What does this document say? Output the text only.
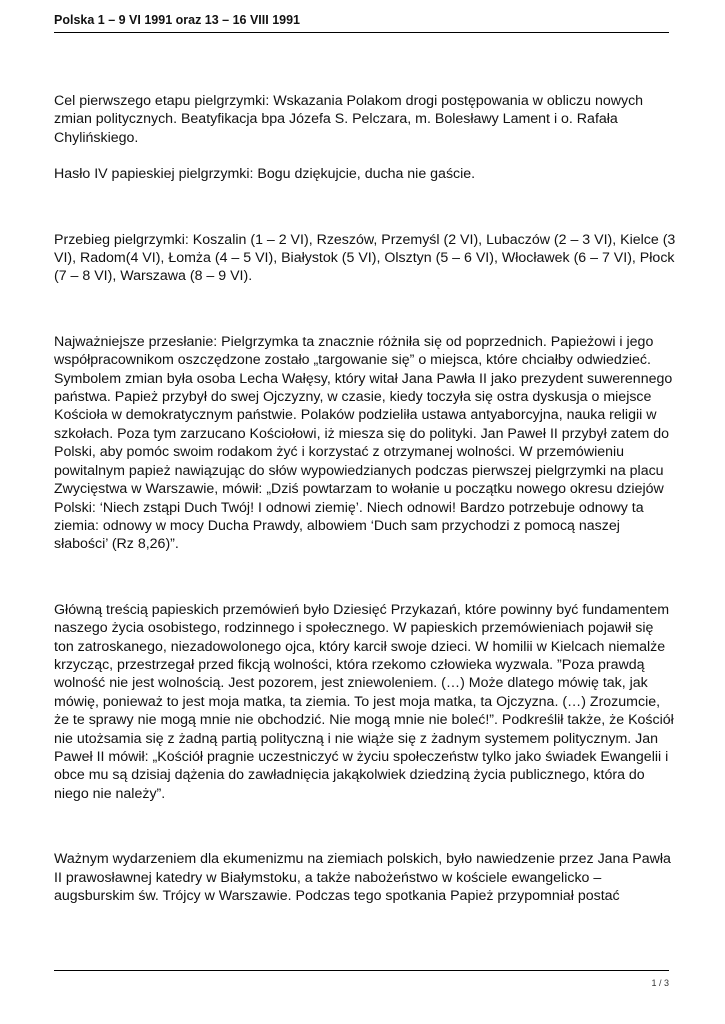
Polska 1 – 9 VI 1991 oraz 13 – 16 VIII 1991

Cel pierwszego etapu pielgrzymki: Wskazania Polakom drogi postępowania w obliczu nowych zmian politycznych. Beatyfikacja bpa Józefa S. Pelczara, m. Bolesławy Lament i o. Rafała Chylińskiego.

Hasło IV papieskiej pielgrzymki: Bogu dziękujcie, ducha nie gaście.

Przebieg pielgrzymki: Koszalin (1 – 2 VI), Rzeszów, Przemyśl (2 VI), Lubaczów (2 – 3 VI), Kielce (3 VI), Radom(4 VI), Łomża (4 – 5 VI), Białystok (5 VI), Olsztyn (5 – 6 VI), Włocławek (6 – 7 VI), Płock (7 – 8 VI), Warszawa (8 – 9 VI).

Najważniejsze przesłanie: Pielgrzymka ta znacznie różniła się od poprzednich. Papieżowi i jego współpracownikom oszczędzone zostało „targowanie się” o miejsca, które chciałby odwiedzieć. Symbolem zmian była osoba Lecha Wałęsy, który witał Jana Pawła II jako prezydent suwerennego państwa. Papież przybył do swej Ojczyzny, w czasie, kiedy toczyła się ostra dyskusja o miejsce Kościoła w demokratycznym państwie. Polaków podzieliła ustawa antyaborcyjna, nauka religii w szkołach. Poza tym zarzucano Kościołowi, iż miesza się do polityki. Jan Paweł II przybył zatem do Polski, aby pomóc swoim rodakom żyć i korzystać z otrzymanej wolności. W przemówieniu powitalnym papież nawiązując do słów wypowiedzianych podczas pierwszej pielgrzymki na placu Zwycięstwa w Warszawie, mówił: „Dziś powtarzam to wołanie u początku nowego okresu dziejów Polski: ‘Niech zstąpi Duch Twój! I odnowi ziemię’. Niech odnowi! Bardzo potrzebuje odnowy ta ziemia: odnowy w mocy Ducha Prawdy, albowiem ‘Duch sam przychodzi z pomocą naszej słabości’ (Rz 8,26)”.

Główną treścią papieskich przemówień było Dziesięć Przykazań, które powinny być fundamentem naszego życia osobistego, rodzinnego i społecznego. W papieskich przemówieniach pojawił się ton zatroskanego, niezadowolonego ojca, który karcił swoje dzieci. W homilii w Kielcach niemalże krzycząc, przestrzegał przed fikcją wolności, która rzekomo człowieka wyzwala. ”Poza prawdą wolność nie jest wolnością. Jest pozorem, jest zniewoleniem. (…) Może dlatego mówię tak, jak mówię, ponieważ to jest moja matka, ta ziemia. To jest moja matka, ta Ojczyzna. (…) Zrozumcie, że te sprawy nie mogą mnie nie obchodzić. Nie mogą mnie nie boleć!”. Podkreślił także, że Kościół nie utożsamia się z żadną partią polityczną i nie wiąże się z żadnym systemem politycznym. Jan Paweł II mówił: „Kościół pragnie uczestniczyć w życiu społeczeństw tylko jako świadek Ewangelii i obce mu są dzisiaj dążenia do zawładnięcia jakąkolwiek dziedziną życia publicznego, która do niego nie należy”.

Ważnym wydarzeniem dla ekumenizmu na ziemiach polskich, było nawiedzenie przez Jana Pawła II prawosławnej katedry w Białymstoku, a także nabożeństwo w kościele ewangelicko – augsburskim św. Trójcy w Warszawie. Podczas tego spotkania Papież przypomniał postać

1 / 3
